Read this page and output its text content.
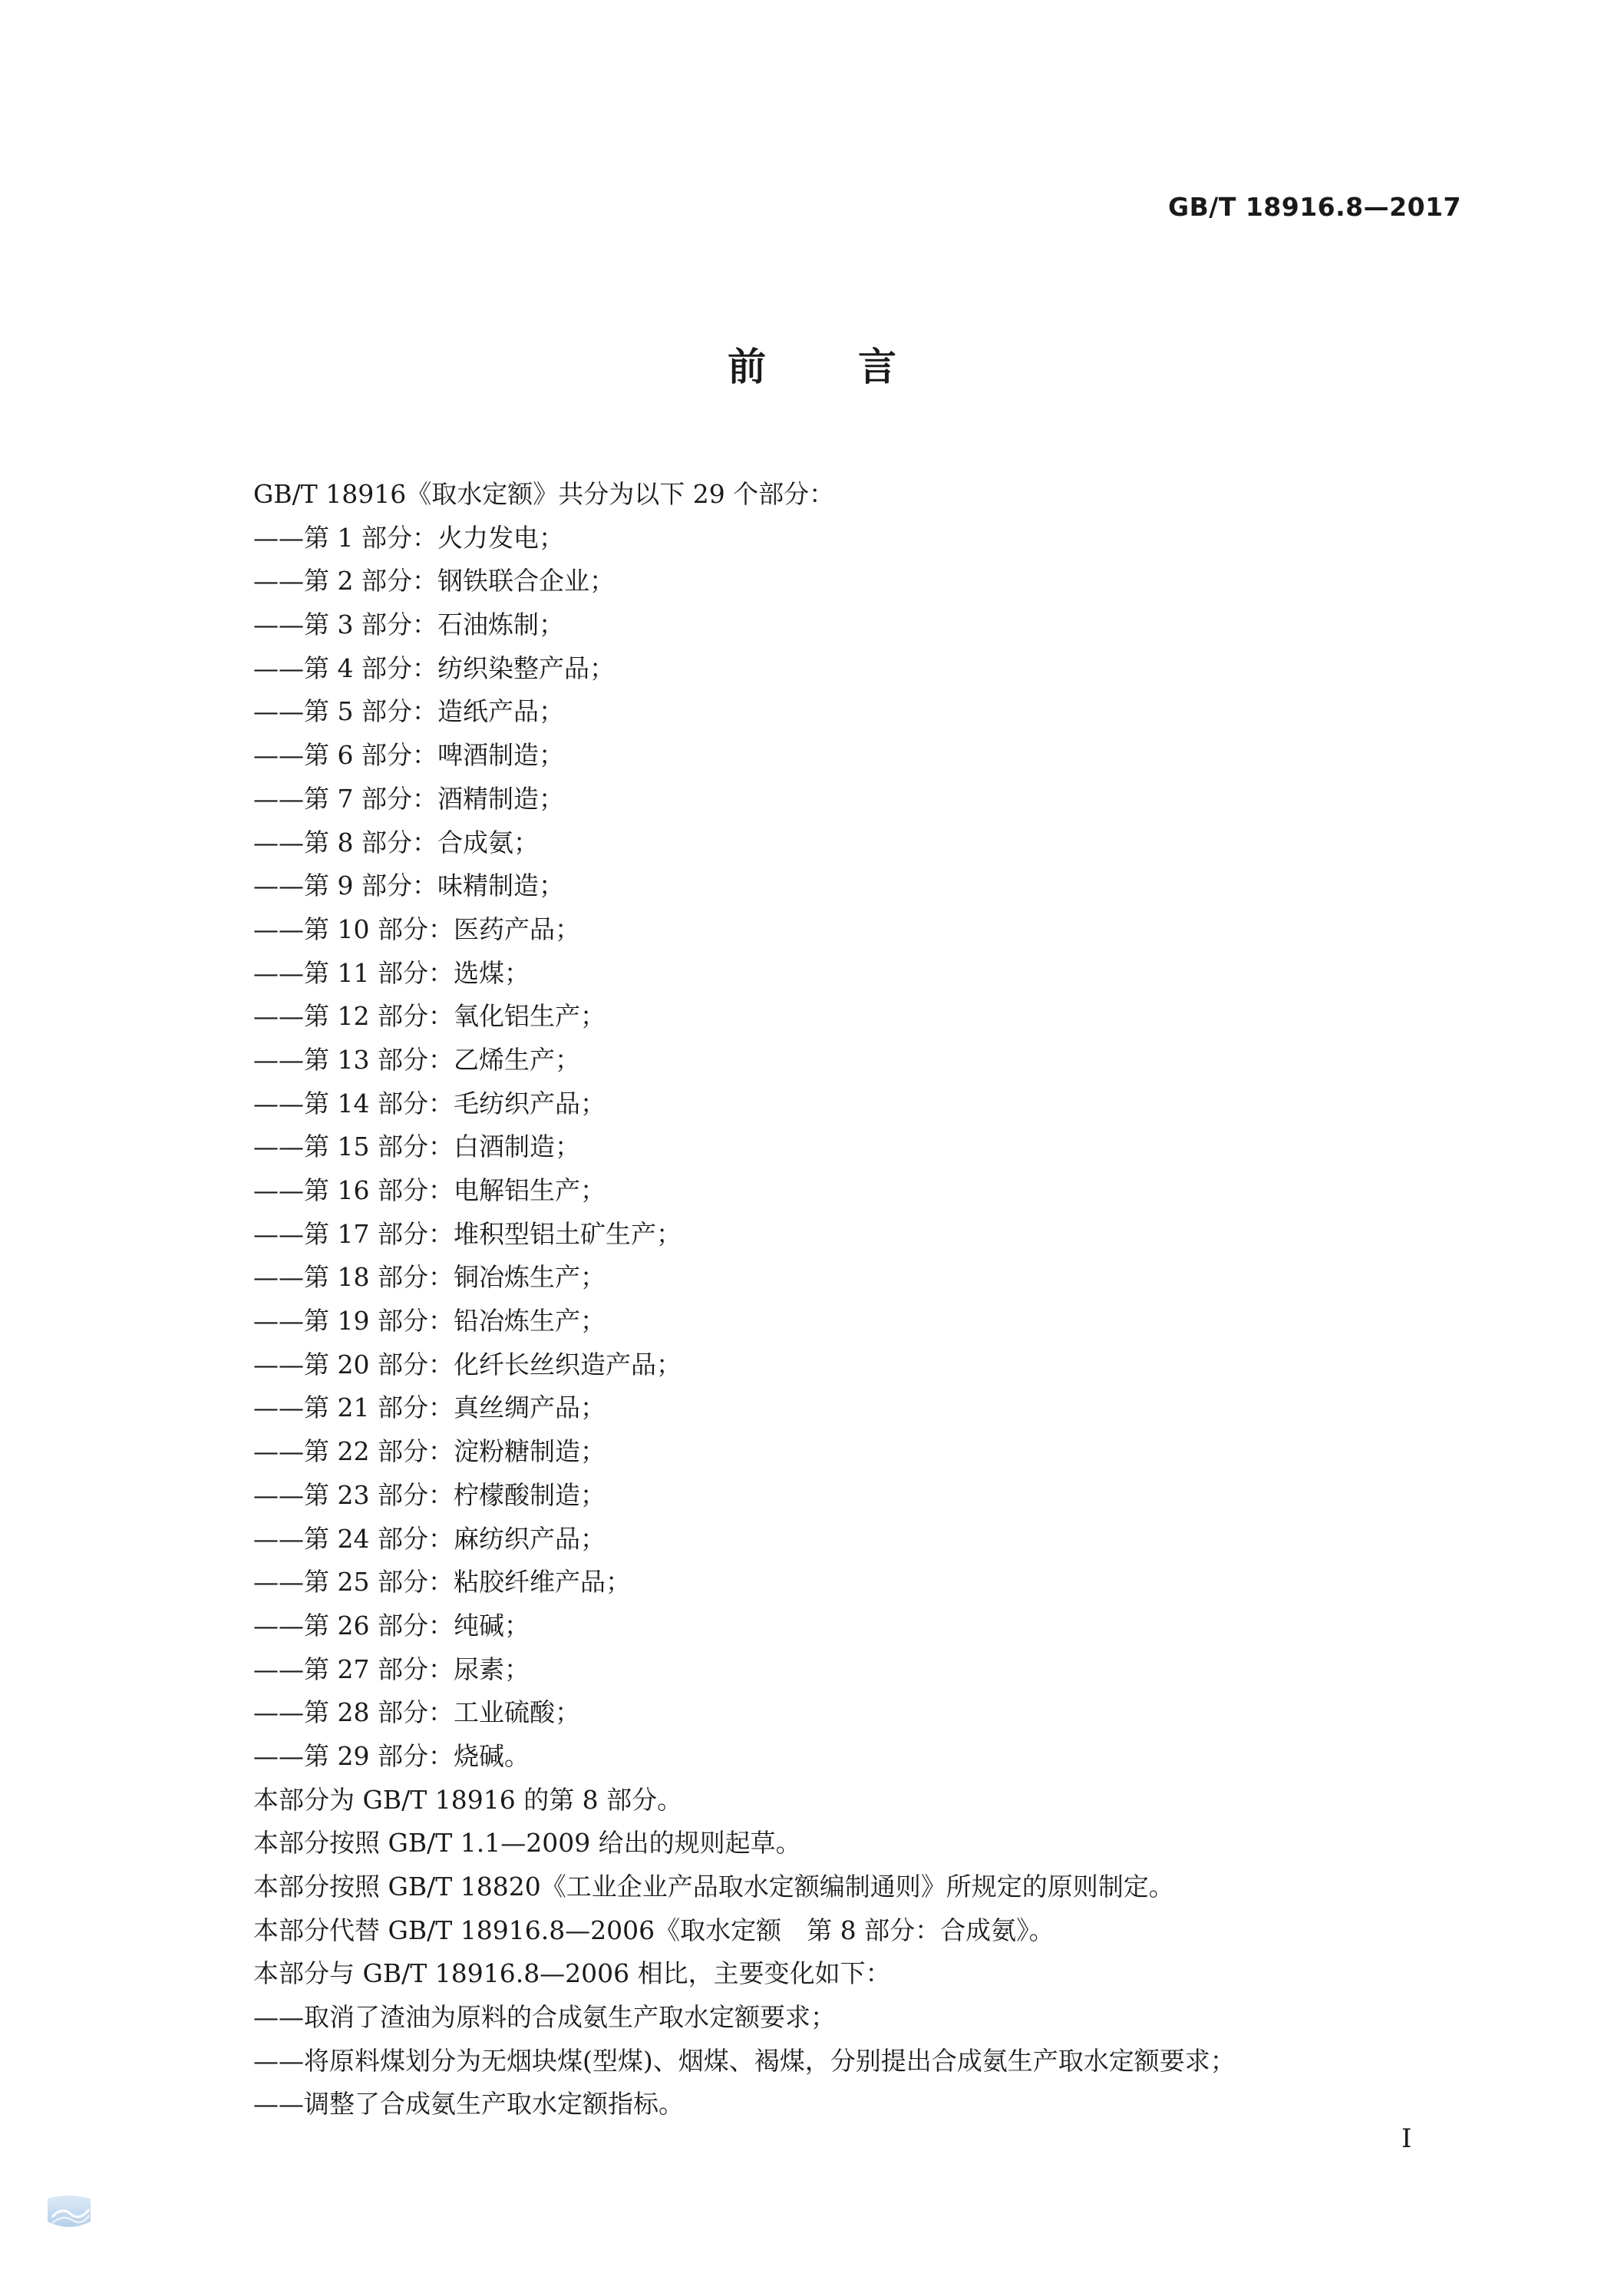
GB/T 18916.8—2017
前言
GB/T 18916《取水定额》共分为以下 29 个部分：
——第 1 部分：火力发电；
——第 2 部分：钢铁联合企业；
——第 3 部分：石油炼制；
——第 4 部分：纺织染整产品；
——第 5 部分：造纸产品；
——第 6 部分：啤酒制造；
——第 7 部分：酒精制造；
——第 8 部分：合成氨；
——第 9 部分：味精制造；
——第 10 部分：医药产品；
——第 11 部分：选煤；
——第 12 部分：氧化铝生产；
——第 13 部分：乙烯生产；
——第 14 部分：毛纺织产品；
——第 15 部分：白酒制造；
——第 16 部分：电解铝生产；
——第 17 部分：堆积型铝土矿生产；
——第 18 部分：铜冶炼生产；
——第 19 部分：铅冶炼生产；
——第 20 部分：化纤长丝织造产品；
——第 21 部分：真丝绸产品；
——第 22 部分：淀粉糖制造；
——第 23 部分：柠檬酸制造；
——第 24 部分：麻纺织产品；
——第 25 部分：粘胶纤维产品；
——第 26 部分：纯碱；
——第 27 部分：尿素；
——第 28 部分：工业硫酸；
——第 29 部分：烧碱。
本部分为 GB/T 18916 的第 8 部分。
本部分按照 GB/T 1.1—2009 给出的规则起草。
本部分按照 GB/T 18820《工业企业产品取水定额编制通则》所规定的原则制定。
本部分代替 GB/T 18916.8—2006《取水定额　第 8 部分：合成氨》。
本部分与 GB/T 18916.8—2006 相比，主要变化如下：
——取消了渣油为原料的合成氨生产取水定额要求；
——将原料煤划分为无烟块煤(型煤)、烟煤、褐煤，分别提出合成氨生产取水定额要求；
——调整了合成氨生产取水定额指标。
I
